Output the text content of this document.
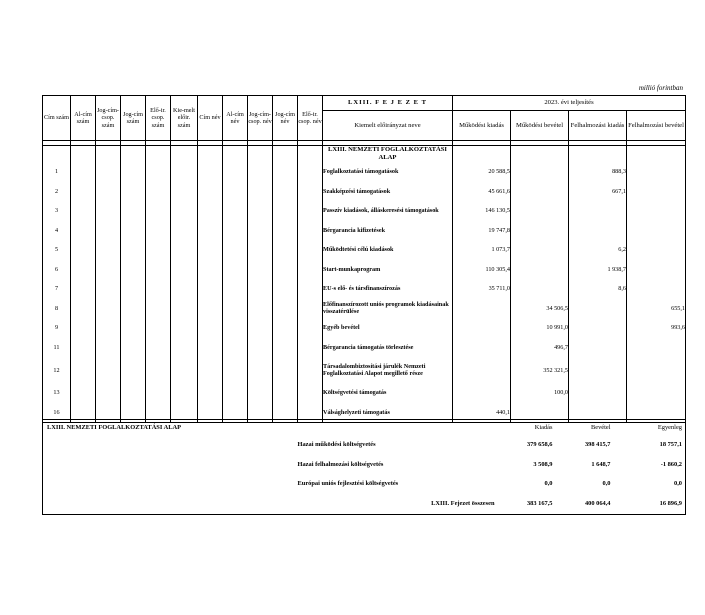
millió forintban
Cím szám	Al-cím szám	Jog-cím-csop. szám	Jog-cím szám	Elő-ir. csop. szám	Kie-melt előir. szám	Cím név	Al-cím név	Jog-cím-csop. név	Jog-cím név	Elő-ir. csop. név	LXIII. F E J E Z E T	2023. évi teljesítés			
											Kiemelt előirányzat neve	Működési kiadás	Működési bevétel	Felhalmozási kiadás	Felhalmozási bevétel

											LXIII. NEMZETI FOGLALKOZTATÁSI ALAP				
1											Foglalkoztatási támogatások	20 588,5		888,3	
2											Szakképzési támogatások	45 661,6		667,1	
3											Passzív kiadások, álláskeresési támogatások	146 130,5			
4											Bérgarancia kifizetések	19 747,8			
5											Működtetési célú kiadások	1 073,7		6,2	
6											Start-munkaprogram	110 305,4		1 938,7	
7											EU-s elő- és társfinanszírozás	35 711,0		8,6	
8											Előfinanszírozott uniós programok kiadásainak visszatérülése		34 506,5		655,1
9											Egyéb bevétel		10 991,0		993,6
11											Bérgarancia támogatás törlesztése		496,7		
12											Társadalombiztosítási járulék Nemzeti Foglalkoztatási Alapot megillető része		352 321,5		
13											Költségvetési támogatás		100,0		
16											Válsághelyzeti támogatás	440,1			
LXIII. NEMZETI FOGLALKOZTATÁSI ALAP		Kiadás	Bevétel	Egyenleg
	Hazai működési költségvetés	379 658,6	398 415,7	18 757,1
	Hazai felhalmozási költségvetés	3 508,9	1 648,7	-1 860,2
	Európai uniós fejlesztési költségvetés	0,0	0,0	0,0
	LXIII. Fejezet összesen	383 167,5	400 064,4	16 896,9
